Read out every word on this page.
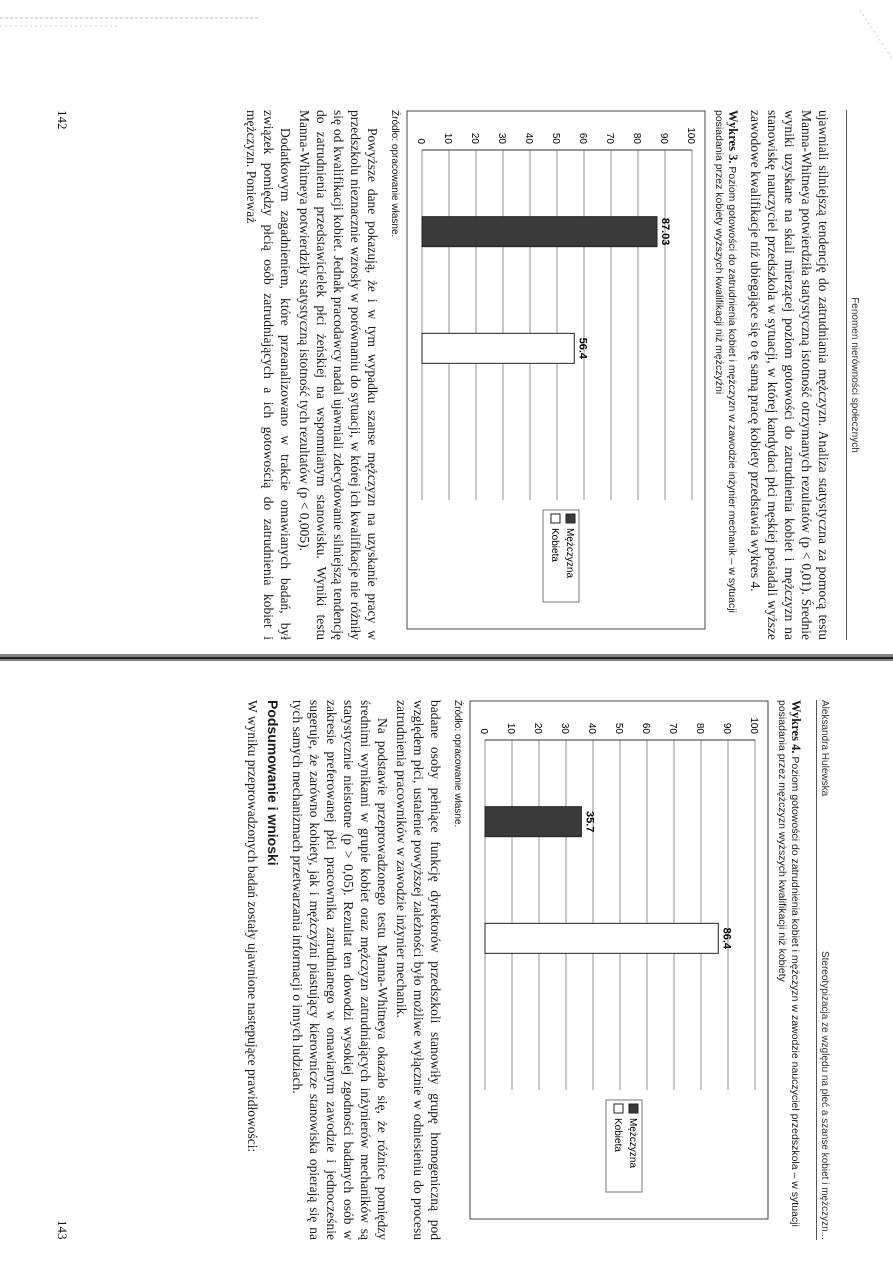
Fenomen nierówności społecznych

ujawniali silniejszą tendencję do zatrudniania mężczyzn. Analiza statystyczna za pomocą testu Manna-Whitneya potwierdziła statystyczną istotność otrzymanych rezultatów (p < 0,01). Średnie wyniki uzyskane na skali mierzącej poziom gotowości do zatrudnienia kobiet i mężczyzn na stanowiskę nauczyciel przedszkola w sytuacji, w której kandydaci płci męskiej posiadali wyższe zawodowe kwalifikacje niż ubiegające się o tę samą pracę kobiety przedstawia wykres 4.

Wykres 3. Poziom gotowości do zatrudnienia kobiet i mężczyzn w zawodzie inżynier mechanik – w sytuacji posiadania przez kobiety wyższych kwalifikacji niż mężczyźni
0 10 20 30 40 50 60 70 80 90 100
87.03
56.4
Mężczyzna
Kobieta
Źródło: opracowanie własne.

Powyższe dane pokazują, że i w tym wypadku szanse mężczyzn na uzyskanie pracy w przedszkolu nieznacznie wzrosły w porównaniu do sytuacji, w której ich kwalifikacje nie różniły się od kwalifikacji kobiet. Jednak pracodawcy nadal ujawniali zdecydowanie silniejszą tendencję do zatrudnienia przedstawicielek płci żeńskiej na wspomnianym stanowisku. Wyniki testu Manna-Whitneya potwierdziły statystyczną istotność tych rezultatów (p < 0,005).

Dodatkowym zagadnieniem, które przeanalizowano w trakcie omawianych badań, był związek pomiędzy płcią osób zatrudniających a ich gotowością do zatrudnienia kobiet i mężczyzn. Ponieważ

142
Aleksandra Hulewska
Stereotypizacja ze względu na płeć a szanse kobiet i mężczyzn...
Wykres 4. Poziom gotowości do zatrudnienia kobiet i mężczyzn w zawodzie nauczyciel przedszkola – w sytuacji posiadania przez mężczyzn wyższych kwalifikacji niż kobiety
0 10 20 30 40 50 60 70 80 90 100
35.7
86.4
Mężczyzna
Kobieta
Źródło: opracowanie własne.

badane osoby pełniące funkcję dyrektorów przedszkoli stanowiły grupę homogeniczną pod względem płci, ustalenie powyższej zależności było możliwe wyłącznie w odniesieniu do procesu zatrudnienia pracowników w zawodzie inżynier mechanik.

Na podstawie przeprowadzonego testu Manna-Whitneya okazało się, że różnice pomiędzy średnimi wynikami w grupie kobiet oraz mężczyzn zatrudniających inżynierów mechaników są statystycznie nieistotne (p > 0,05). Rezultat ten dowodzi wysokiej zgodności badanych osób w zakresie preferowanej płci pracownika zatrudnianego w omawianym zawodzie i jednocześnie sugeruje, że zarówno kobiety, jak i mężczyźni piastujący kierownicze stanowiska opierają się na tych samych mechanizmach przetwarzania informacji o innych ludziach.

Podsumowanie i wnioski

W wyniku przeprowadzonych badań zostały ujawnione następujące prawidłowości:

143
